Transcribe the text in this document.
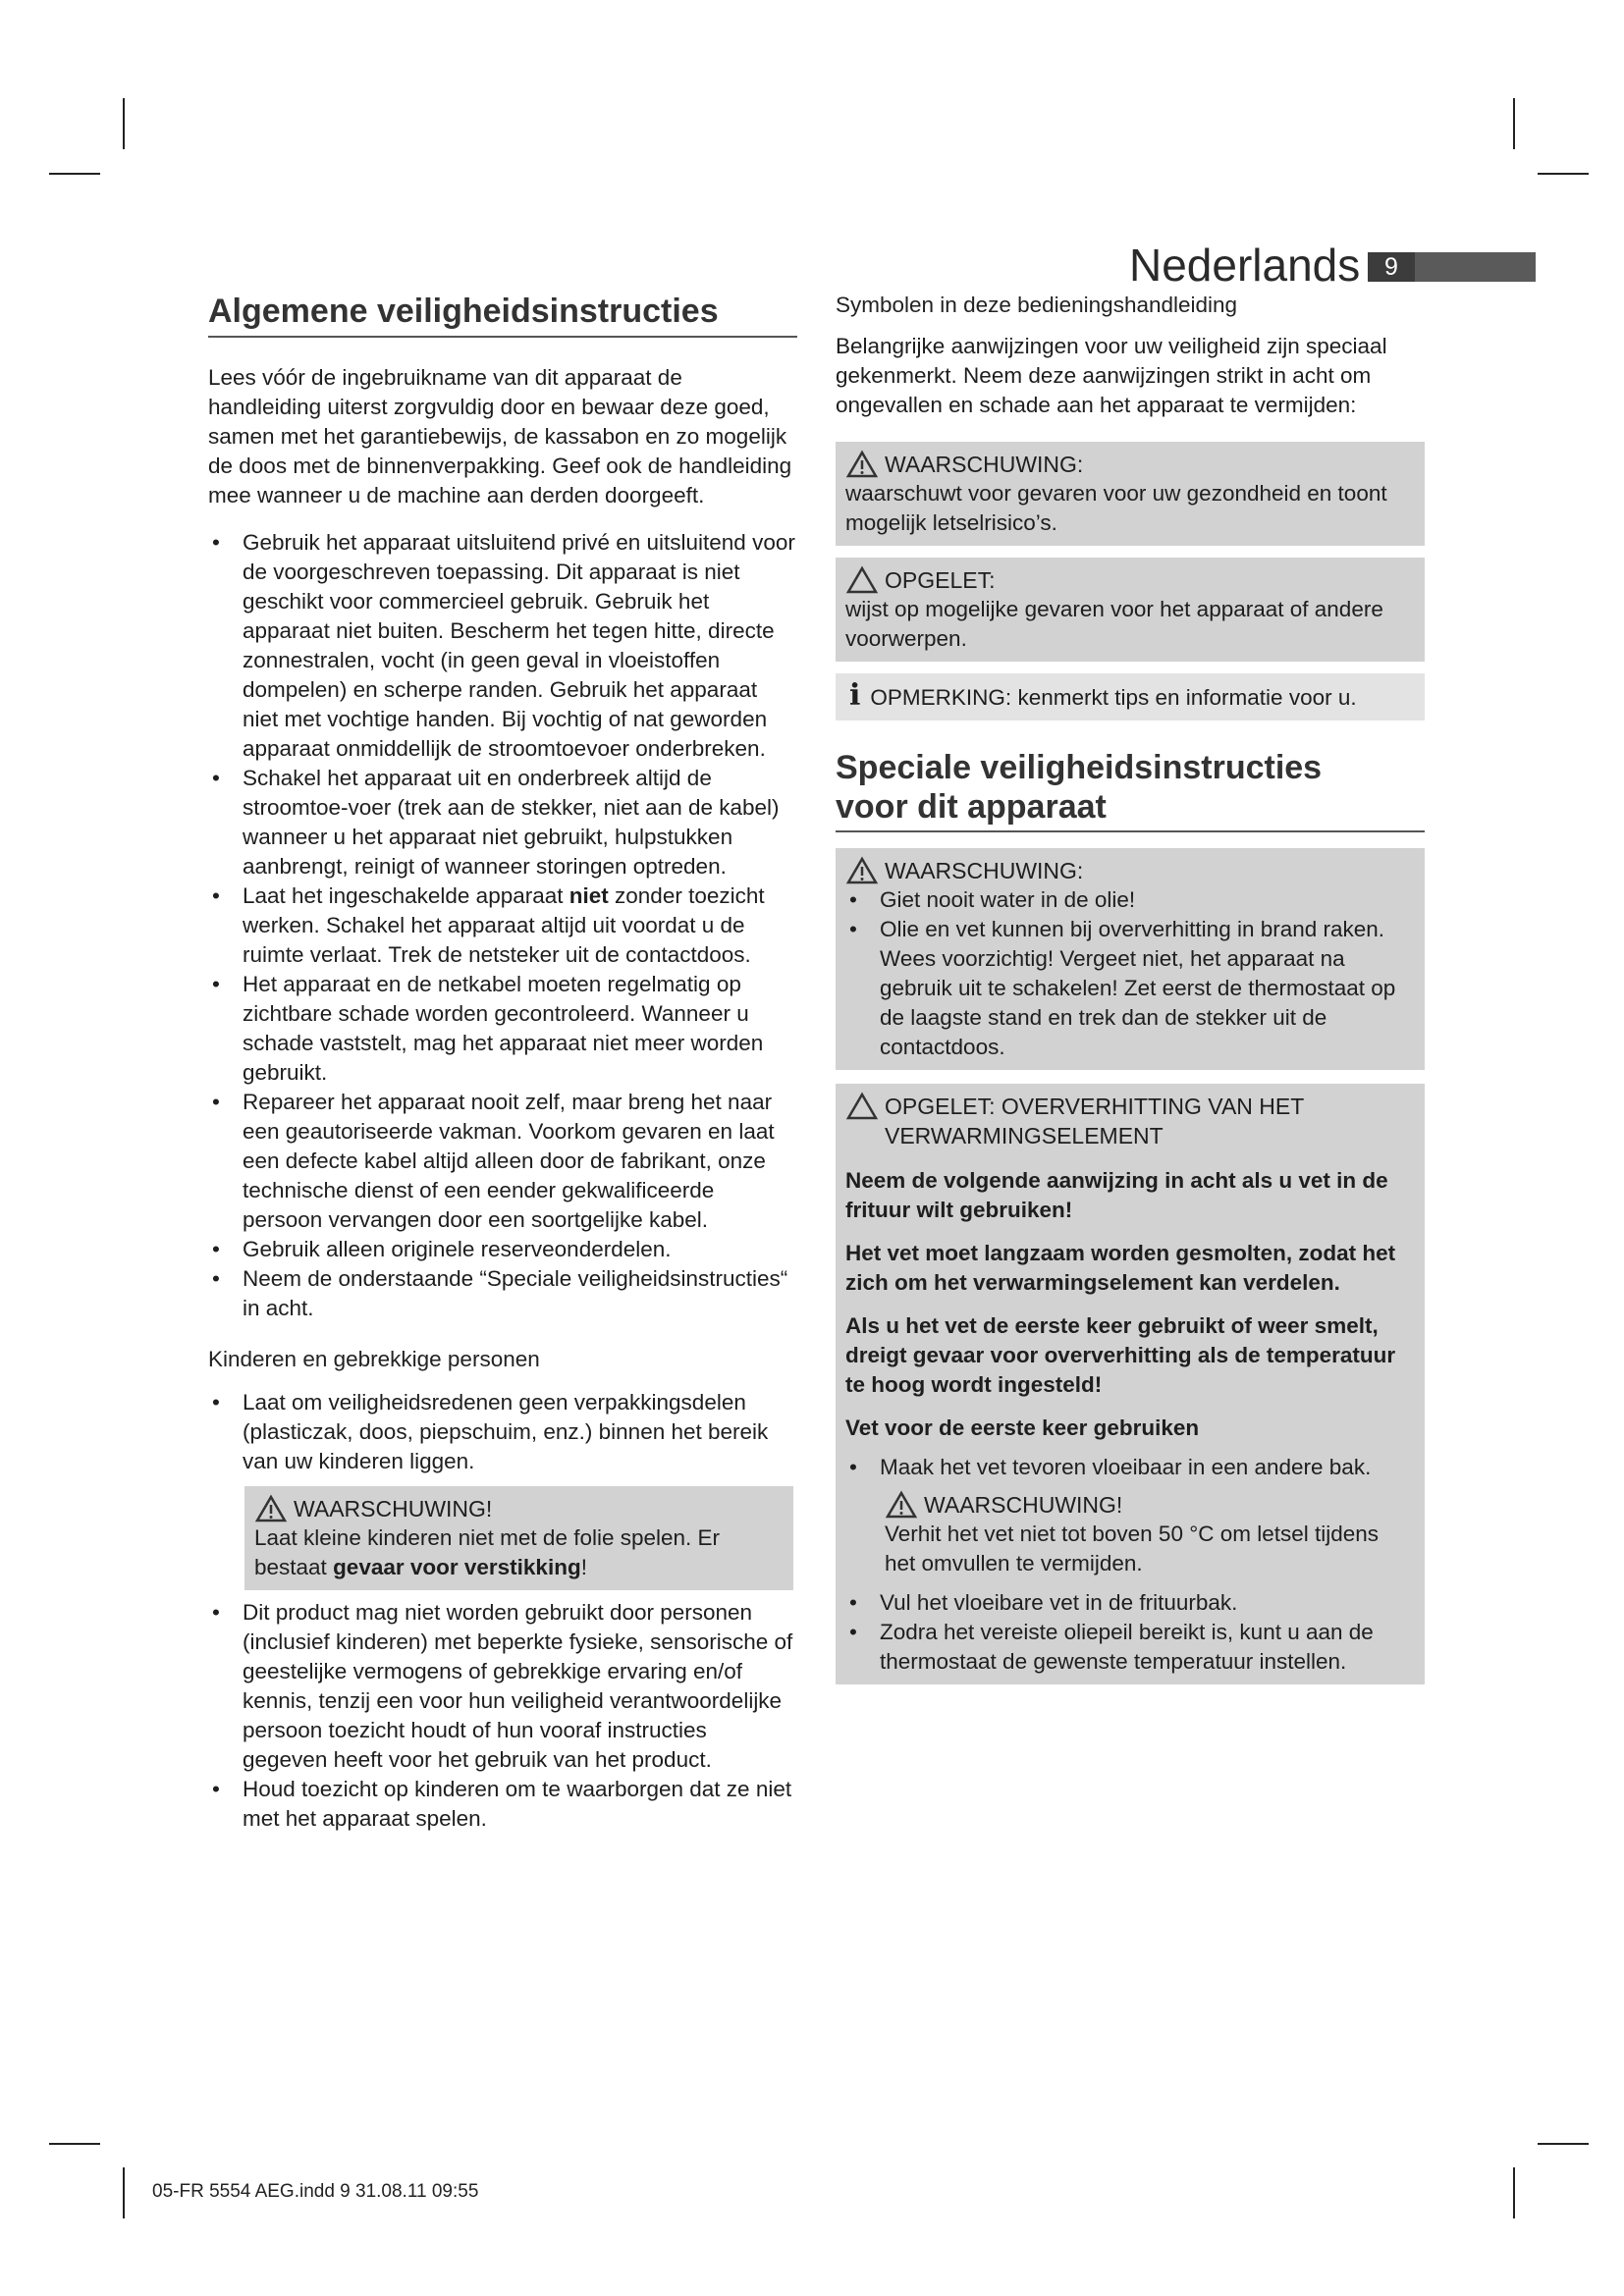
Nederlands 9
Algemene veiligheidsinstructies

Lees vóór de ingebruikname van dit apparaat de handleiding uiterst zorgvuldig door en bewaar deze goed, samen met het garantiebewijs, de kassabon en zo mogelijk de doos met de binnenverpakking. Geef ook de handleiding mee wanneer u de machine aan derden doorgeeft.

• Gebruik het apparaat uitsluitend privé en uitsluitend voor de voorgeschreven toepassing. Dit apparaat is niet geschikt voor commercieel gebruik. Gebruik het apparaat niet buiten. Bescherm het tegen hitte, directe zonnestralen, vocht (in geen geval in vloeistoffen dompelen) en scherpe randen. Gebruik het apparaat niet met vochtige handen. Bij vochtig of nat geworden apparaat onmiddellijk de stroomtoevoer onderbreken.
• Schakel het apparaat uit en onderbreek altijd de stroomtoe-voer (trek aan de stekker, niet aan de kabel) wanneer u het apparaat niet gebruikt, hulpstukken aanbrengt, reinigt of wanneer storingen optreden.
• Laat het ingeschakelde apparaat niet zonder toezicht werken. Schakel het apparaat altijd uit voordat u de ruimte verlaat. Trek de netsteker uit de contactdoos.
• Het apparaat en de netkabel moeten regelmatig op zichtbare schade worden gecontroleerd. Wanneer u schade vaststelt, mag het apparaat niet meer worden gebruikt.
• Repareer het apparaat nooit zelf, maar breng het naar een geautoriseerde vakman. Voorkom gevaren en laat een defecte kabel altijd alleen door de fabrikant, onze technische dienst of een eender gekwalificeerde persoon vervangen door een soortgelijke kabel.
• Gebruik alleen originele reserveonderdelen.
• Neem de onderstaande “Speciale veiligheidsinstructies“ in acht.
Kinderen en gebrekkige personen
• Laat om veiligheidsredenen geen verpakkingsdelen (plasticzak, doos, piepschuim, enz.) binnen het bereik van uw kinderen liggen.
WAARSCHUWING!
Laat kleine kinderen niet met de folie spelen. Er bestaat gevaar voor verstikking!
• Dit product mag niet worden gebruikt door personen (inclusief kinderen) met beperkte fysieke, sensorische of geestelijke vermogens of gebrekkige ervaring en/of kennis, tenzij een voor hun veiligheid verantwoordelijke persoon toezicht houdt of hun vooraf instructies gegeven heeft voor het gebruik van het product.
• Houd toezicht op kinderen om te waarborgen dat ze niet met het apparaat spelen.
Symbolen in deze bedieningshandleiding

Belangrijke aanwijzingen voor uw veiligheid zijn speciaal gekenmerkt. Neem deze aanwijzingen strikt in acht om ongevallen en schade aan het apparaat te vermijden:

WAARSCHUWING:
waarschuwt voor gevaren voor uw gezondheid en toont mogelijk letselrisico’s.
OPGELET:
wijst op mogelijke gevaren voor het apparaat of andere voorwerpen.
i OPMERKING: kenmerkt tips en informatie voor u.
Speciale veiligheidsinstructies
voor dit apparaat
WAARSCHUWING:
• Giet nooit water in de olie!
• Olie en vet kunnen bij oververhitting in brand raken. Wees voorzichtig! Vergeet niet, het apparaat na gebruik uit te schakelen! Zet eerst de thermostaat op de laagste stand en trek dan de stekker uit de contactdoos.
OPGELET: OVERVERHITTING VAN HET VERWARMINGSELEMENT

Neem de volgende aanwijzing in acht als u vet in de frituur wilt gebruiken!

Het vet moet langzaam worden gesmolten, zodat het zich om het verwarmingselement kan verdelen.

Als u het vet de eerste keer gebruikt of weer smelt, dreigt gevaar voor oververhitting als de temperatuur te hoog wordt ingesteld!

Vet voor de eerste keer gebruiken

• Maak het vet tevoren vloeibaar in een andere bak.
WAARSCHUWING!
Verhit het vet niet tot boven 50 °C om letsel tijdens het omvullen te vermijden.
• Vul het vloeibare vet in de frituurbak.
• Zodra het vereiste oliepeil bereikt is, kunt u aan de thermostaat de gewenste temperatuur instellen.
05-FR 5554 AEG.indd 9 31.08.11 09:55
